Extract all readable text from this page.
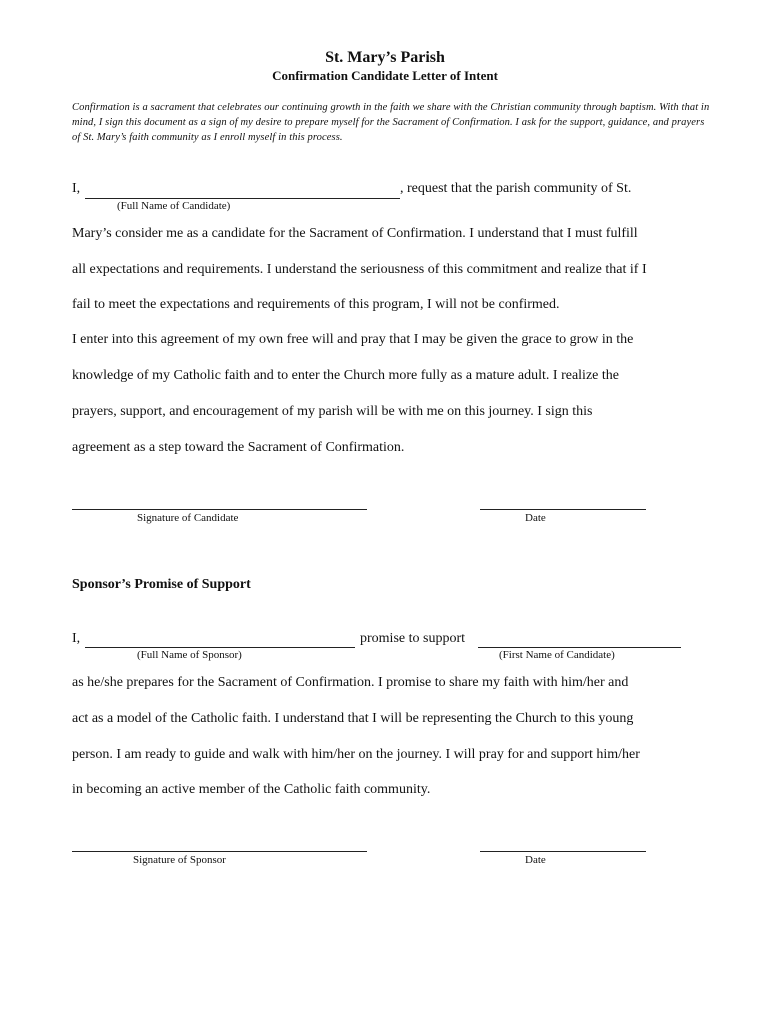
St. Mary’s Parish
Confirmation Candidate Letter of Intent
Confirmation is a sacrament that celebrates our continuing growth in the faith we share with the Christian community through baptism. With that in mind, I sign this document as a sign of my desire to prepare myself for the Sacrament of Confirmation. I ask for the support, guidance, and prayers of St. Mary’s faith community as I enroll myself in this process.
I,	, request that the parish community of St.
(Full Name of Candidate)
Mary’s consider me as a candidate for the Sacrament of Confirmation. I understand that I must fulfill
all expectations and requirements. I understand the seriousness of this commitment and realize that if I
fail to meet the expectations and requirements of this program, I will not be confirmed.
I enter into this agreement of my own free will and pray that I may be given the grace to grow in the
knowledge of my Catholic faith and to enter the Church more fully as a mature adult. I realize the
prayers, support, and encouragement of my parish will be with me on this journey. I sign this
agreement as a step toward the Sacrament of Confirmation.
Signature of Candidate	Date
Sponsor’s Promise of Support
I,	promise to support
(Full Name of Sponsor)	(First Name of Candidate)
as he/she prepares for the Sacrament of Confirmation. I promise to share my faith with him/her and
act as a model of the Catholic faith. I understand that I will be representing the Church to this young
person. I am ready to guide and walk with him/her on the journey. I will pray for and support him/her
in becoming an active member of the Catholic faith community.
Signature of Sponsor	Date
